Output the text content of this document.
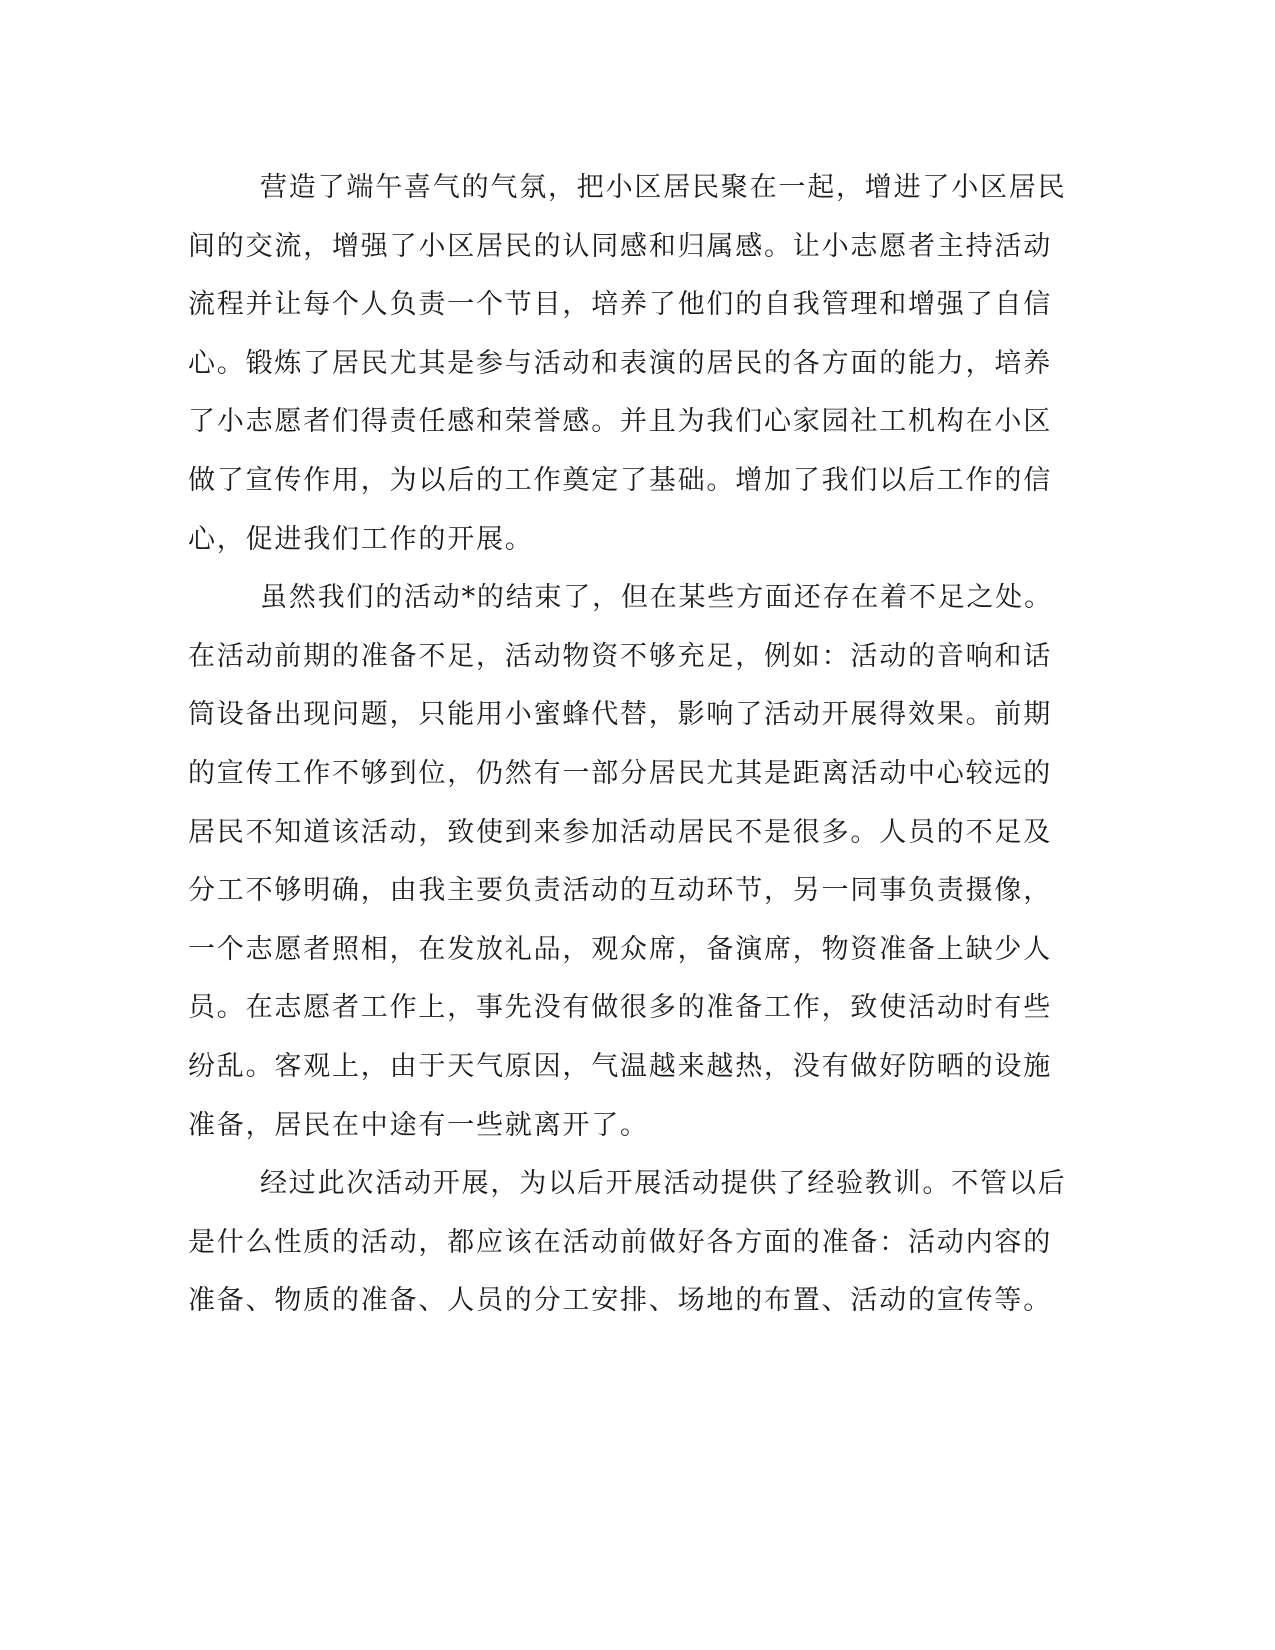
营造了端午喜气的气氛，把小区居民聚在一起，增进了小区居民
间的交流，增强了小区居民的认同感和归属感。让小志愿者主持活动
流程并让每个人负责一个节目，培养了他们的自我管理和增强了自信
心。锻炼了居民尤其是参与活动和表演的居民的各方面的能力，培养
了小志愿者们得责任感和荣誉感。并且为我们心家园社工机构在小区
做了宣传作用，为以后的工作奠定了基础。增加了我们以后工作的信
心，促进我们工作的开展。
虽然我们的活动*的结束了，但在某些方面还存在着不足之处。
在活动前期的准备不足，活动物资不够充足，例如：活动的音响和话
筒设备出现问题，只能用小蜜蜂代替，影响了活动开展得效果。前期
的宣传工作不够到位，仍然有一部分居民尤其是距离活动中心较远的
居民不知道该活动，致使到来参加活动居民不是很多。人员的不足及
分工不够明确，由我主要负责活动的互动环节，另一同事负责摄像，
一个志愿者照相，在发放礼品，观众席，备演席，物资准备上缺少人
员。在志愿者工作上，事先没有做很多的准备工作，致使活动时有些
纷乱。客观上，由于天气原因，气温越来越热，没有做好防晒的设施
准备，居民在中途有一些就离开了。
经过此次活动开展，为以后开展活动提供了经验教训。不管以后
是什么性质的活动，都应该在活动前做好各方面的准备：活动内容的
准备、物质的准备、人员的分工安排、场地的布置、活动的宣传等。
